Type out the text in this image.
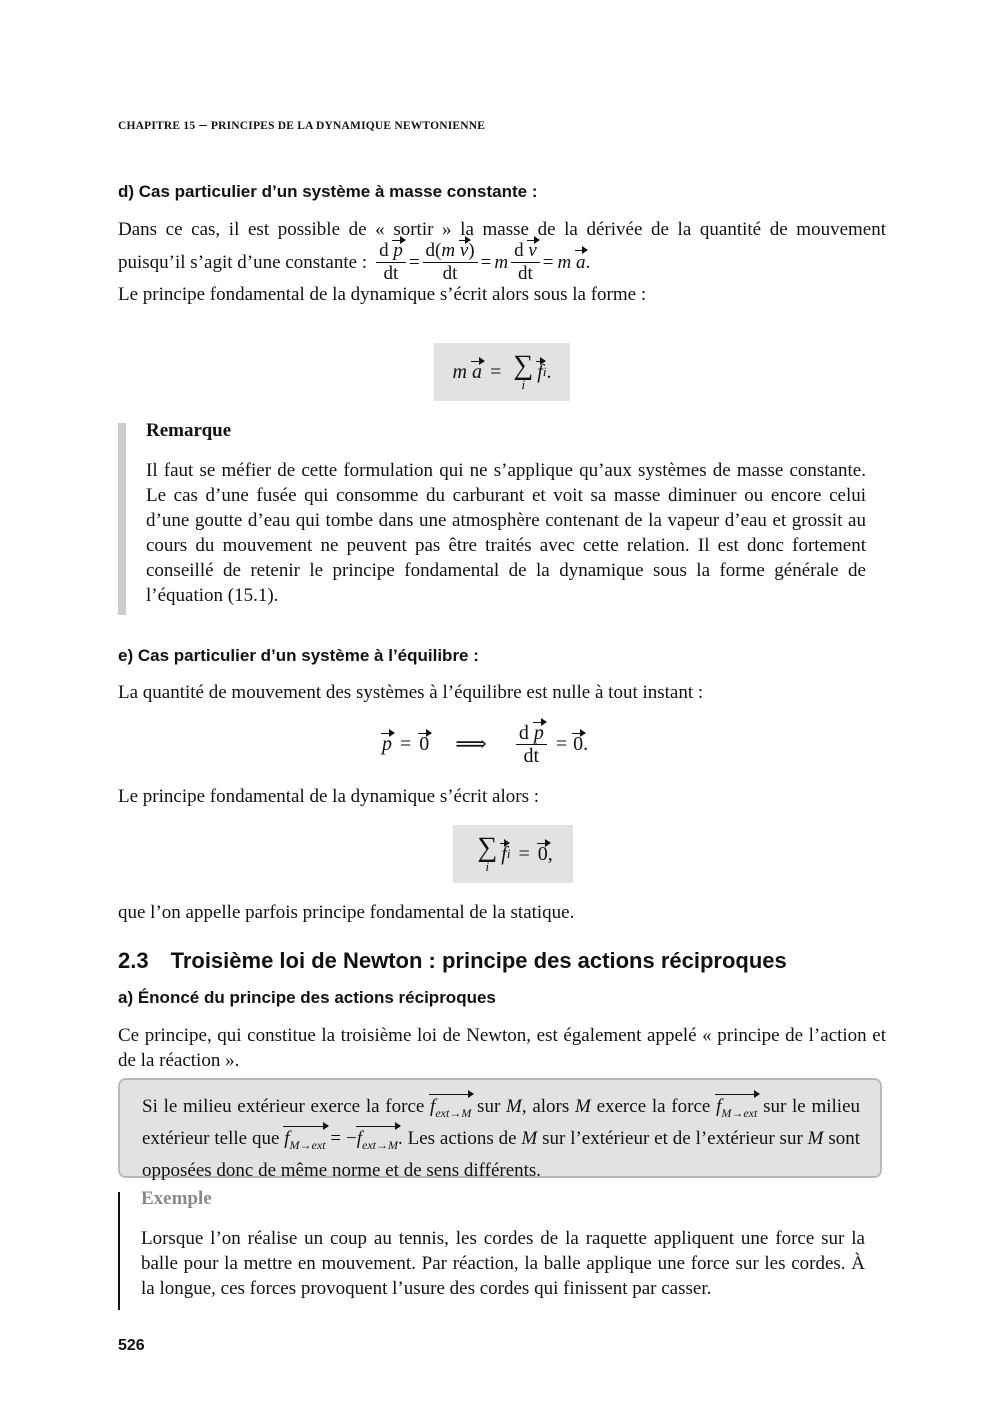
CHAPITRE 15 – PRINCIPES DE LA DYNAMIQUE NEWTONIENNE
d) Cas particulier d’un système à masse constante :
Dans ce cas, il est possible de « sortir » la masse de la dérivée de la quantité de mouvement
puisqu’il s’agit d’une constante : $\frac{\text{d p}}{dt} = \frac{\text{d(m v)}}{dt} = m \frac{\text{d v}}{dt} = m$
a .
Le principe fondamental de la dynamique s’écrit alors sous la forme :
m
a = ∑
i
f i .
Remarque
Il faut se méfier de cette formulation qui ne s’applique qu’aux systèmes de masse constante. Le cas d’une fusée qui consomme du carburant et voit sa masse diminuer ou encore celui d’une goutte d’eau qui tombe dans une atmosphère contenant de la vapeur d’eau et grossit au cours du mouvement ne peuvent pas être traités avec cette relation. Il est donc fortement conseillé de retenir le principe fondamental de la dynamique sous la forme générale de l’équation (15.1).
e) Cas particulier d’un système à l’équilibre :
La quantité de mouvement des systèmes à l’équilibre est nulle à tout instant :
p = 0 ⟹ $\frac{\text{d p}}{dt} = 0$ .
Le principe fondamental de la dynamique s’écrit alors :
∑
i
f i = 0 ,
que l’on appelle parfois principe fondamental de la statique.
2.3 Troisième loi de Newton : principe des actions réciproques
a) Énoncé du principe des actions réciproques
Ce principe, qui constitue la troisième loi de Newton, est également appelé « principe de l’action et de la réaction ».
Si le milieu extérieur exerce la force $f_{ext\to M}$ sur M, alors M exerce la force $f_{M\to ext}$ sur le milieu extérieur telle que $f_{M\to ext} = -f_{ext\to M}$. Les actions de M sur l’extérieur et de l’extérieur sur M sont opposées donc de même norme et de sens différents.
Exemple
Lorsque l’on réalise un coup au tennis, les cordes de la raquette appliquent une force sur la balle pour la mettre en mouvement. Par réaction, la balle applique une force sur les cordes. À la longue, ces forces provoquent l’usure des cordes qui finissent par casser.
526
